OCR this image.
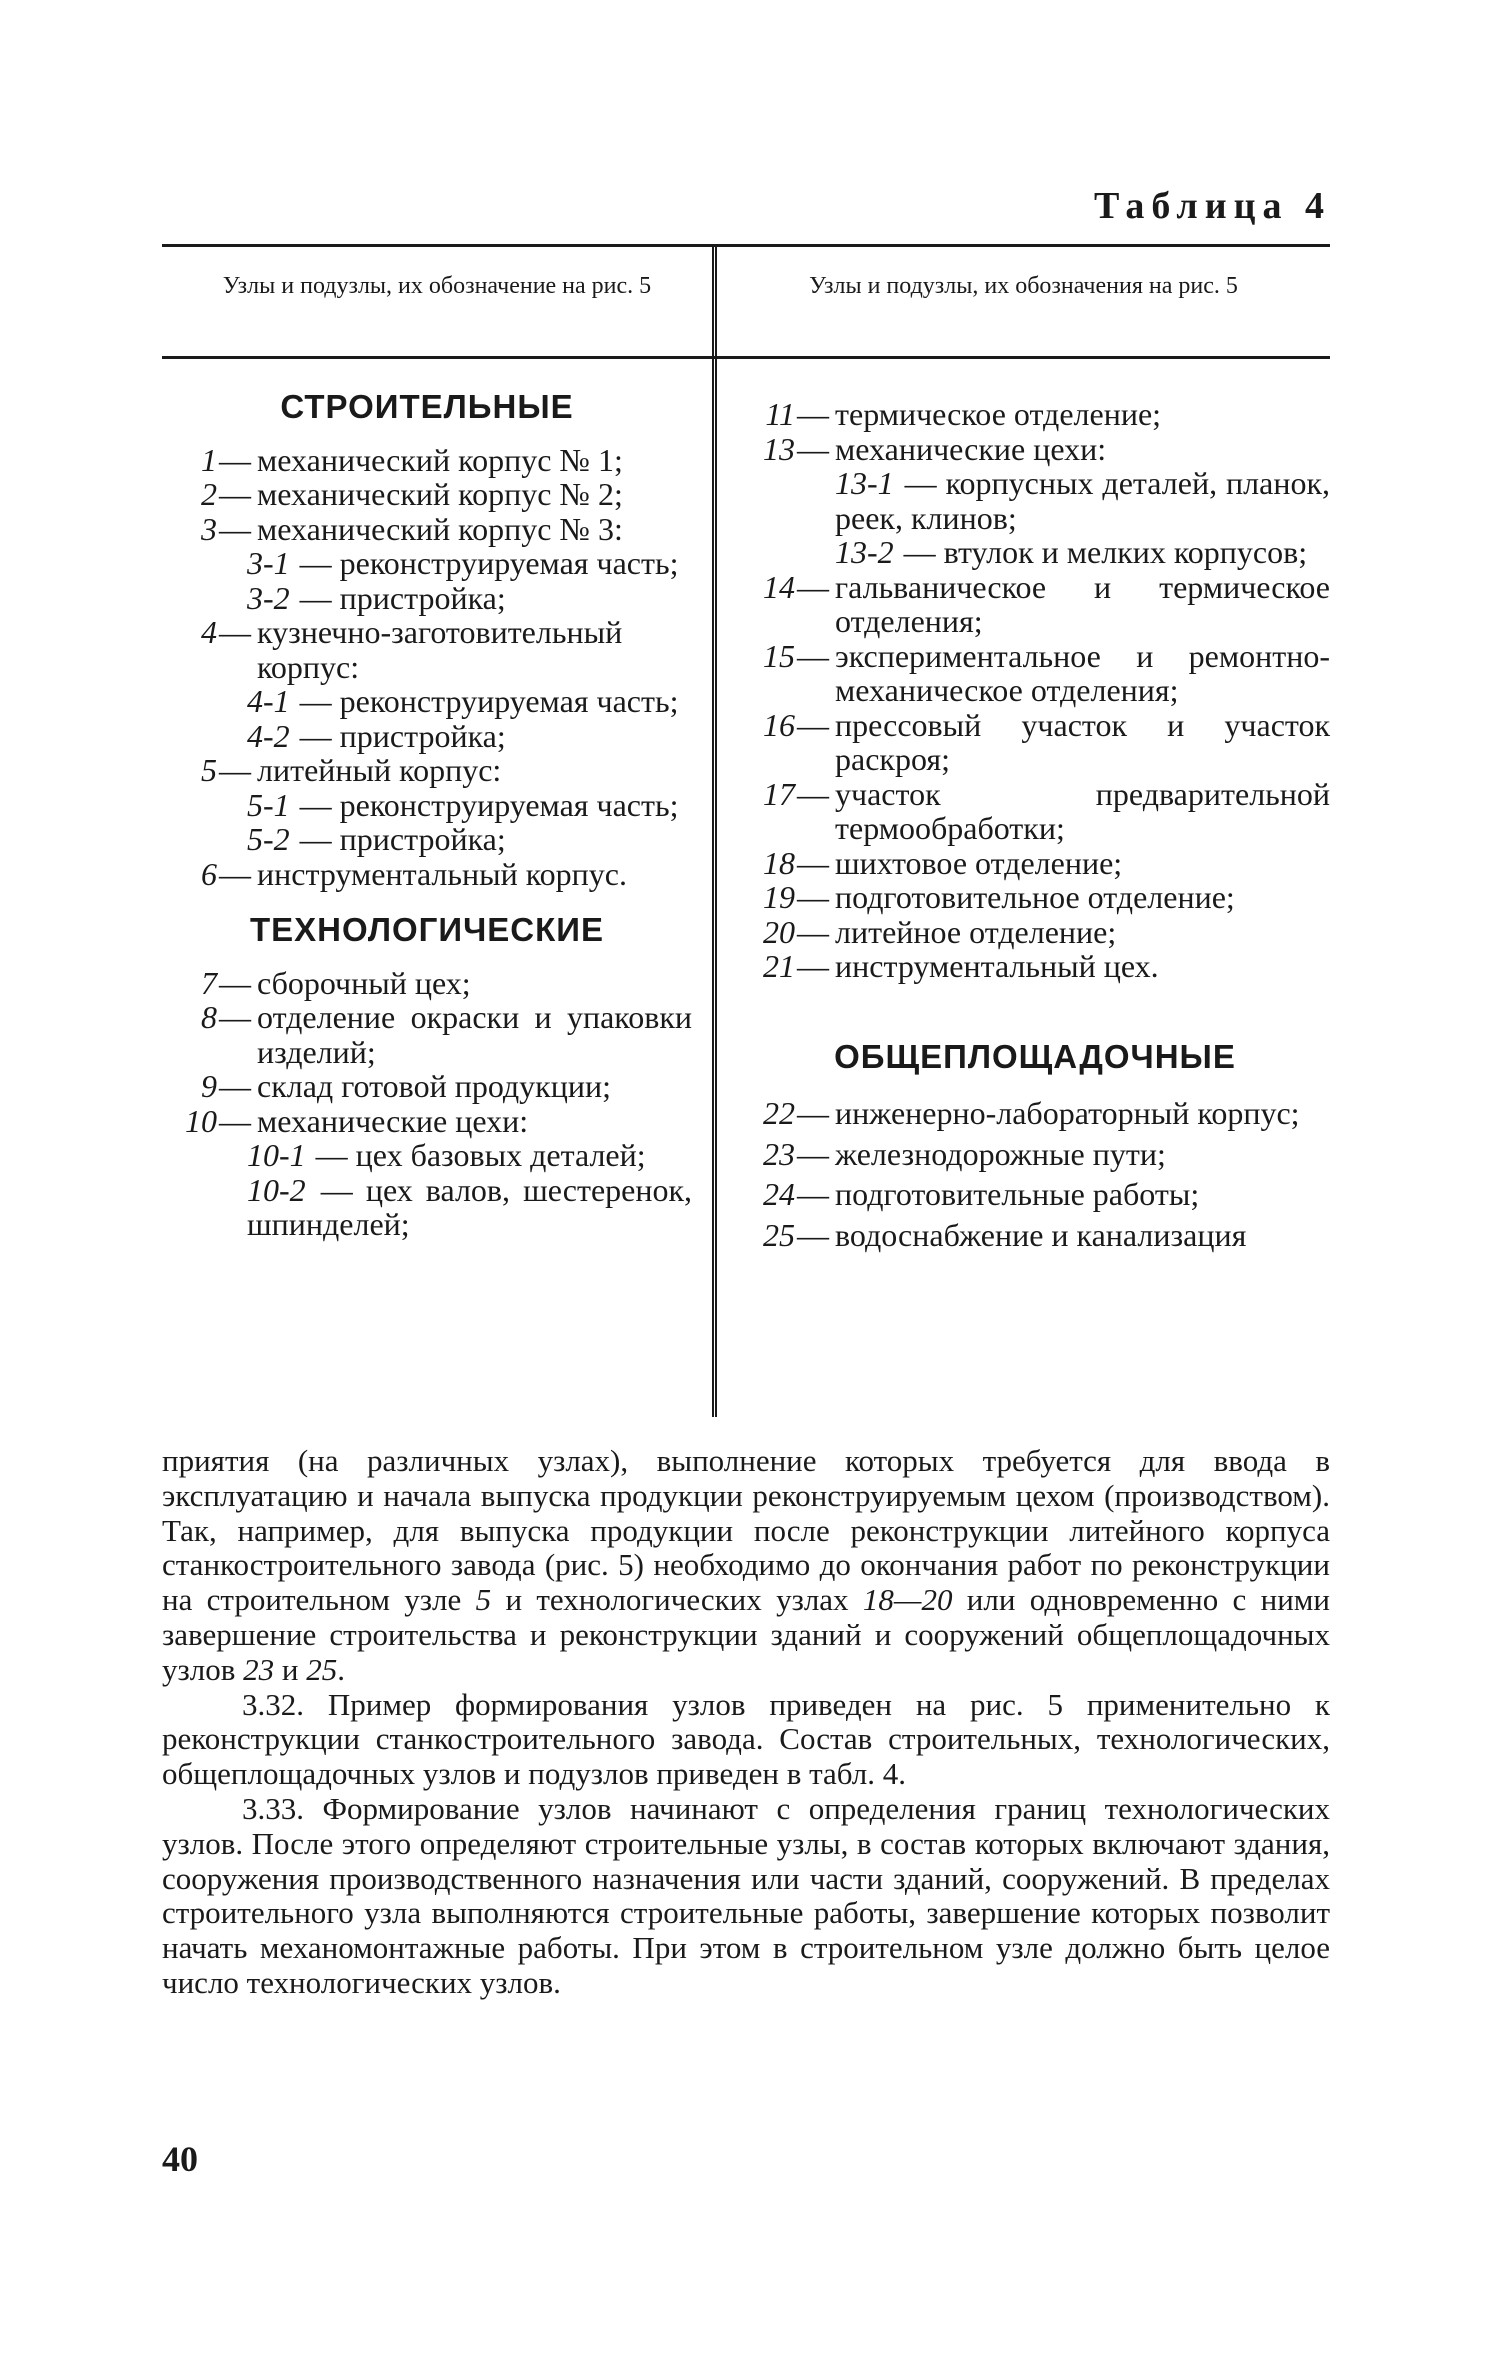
Таблица 4
Узлы и подузлы, их обозначение на рис. 5	Узлы и подузлы, их обозначения на рис. 5
СТРОИТЕЛЬНЫЕ
1 — механический корпус № 1;
2 — механический корпус № 2;
3 — механический корпус № 3:
3-1 — реконструируемая часть;
3-2 — пристройка;
4 — кузнечно-заготовительный корпус:
4-1 — реконструируемая часть;
4-2 — пристройка;
5 — литейный корпус:
5-1 — реконструируемая часть;
5-2 — пристройка;
6 — инструментальный корпус.
ТЕХНОЛОГИЧЕСКИЕ
7 — сборочный цех;
8 — отделение окраски и упаковки изделий;
9 — склад готовой продукции;
10 — механические цехи:
10-1 — цех базовых деталей;
10-2 — цех валов, шестеренок, шпинделей;
11 — термическое отделение;
13 — механические цехи:
13-1 — корпусных деталей, планок, реек, клинов;
13-2 — втулок и мелких корпусов;
14 — гальваническое и термическое отделения;
15 — экспериментальное и ремонтно-механическое отделения;
16 — прессовый участок и участок раскроя;
17 — участок предварительной термообработки;
18 — шихтовое отделение;
19 — подготовительное отделение;
20 — литейное отделение;
21 — инструментальный цех.
ОБЩЕПЛОЩАДОЧНЫЕ
22 — инженерно-лабораторный корпус;
23 — железнодорожные пути;
24 — подготовительные работы;
25 — водоснабжение и канализация

приятия (на различных узлах), выполнение которых требуется для ввода в эксплуатацию и начала выпуска продукции реконструируемым цехом (производством). Так, например, для выпуска продукции после реконструкции литейного корпуса станкостроительного завода (рис. 5) необходимо до окончания работ по реконструкции на строительном узле 5 и технологических узлах 18—20 или одновременно с ними завершение строительства и реконструкции зданий и сооружений общеплощадочных узлов 23 и 25.

3.32. Пример формирования узлов приведен на рис. 5 применительно к реконструкции станкостроительного завода. Состав строительных, технологических, общеплощадочных узлов и подузлов приведен в табл. 4.

3.33. Формирование узлов начинают с определения границ технологических узлов. После этого определяют строительные узлы, в состав которых включают здания, сооружения производственного назначения или части зданий, сооружений. В пределах строительного узла выполняются строительные работы, завершение которых позволит начать механомонтажные работы. При этом в строительном узле должно быть целое число технологических узлов.

40
